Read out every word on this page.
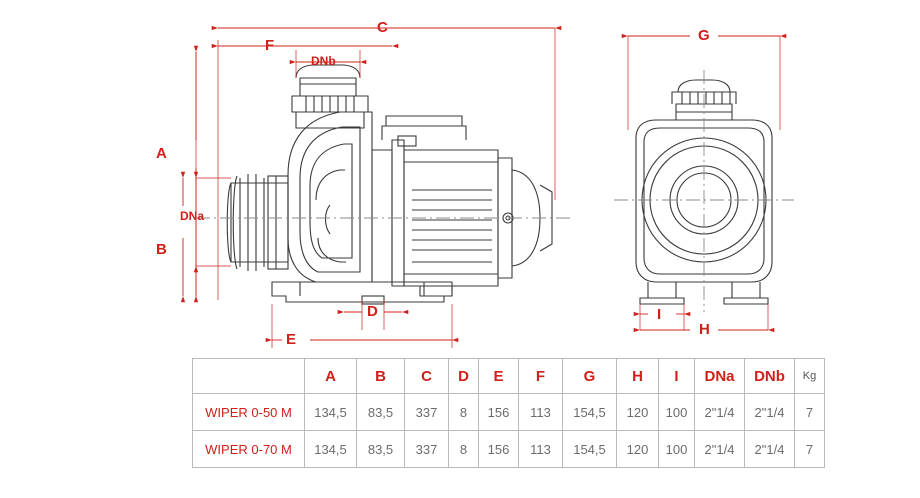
C
F
DNb
A
B
DNa
D
E
G
H
I
	A	B	C	D	E	F	G	H	I	DNa	DNb	Kg
WIPER 0-50 M	134,5	83,5	337	8	156	113	154,5	120	100	2"1/4	2"1/4	7
WIPER 0-70 M	134,5	83,5	337	8	156	113	154,5	120	100	2"1/4	2"1/4	7
